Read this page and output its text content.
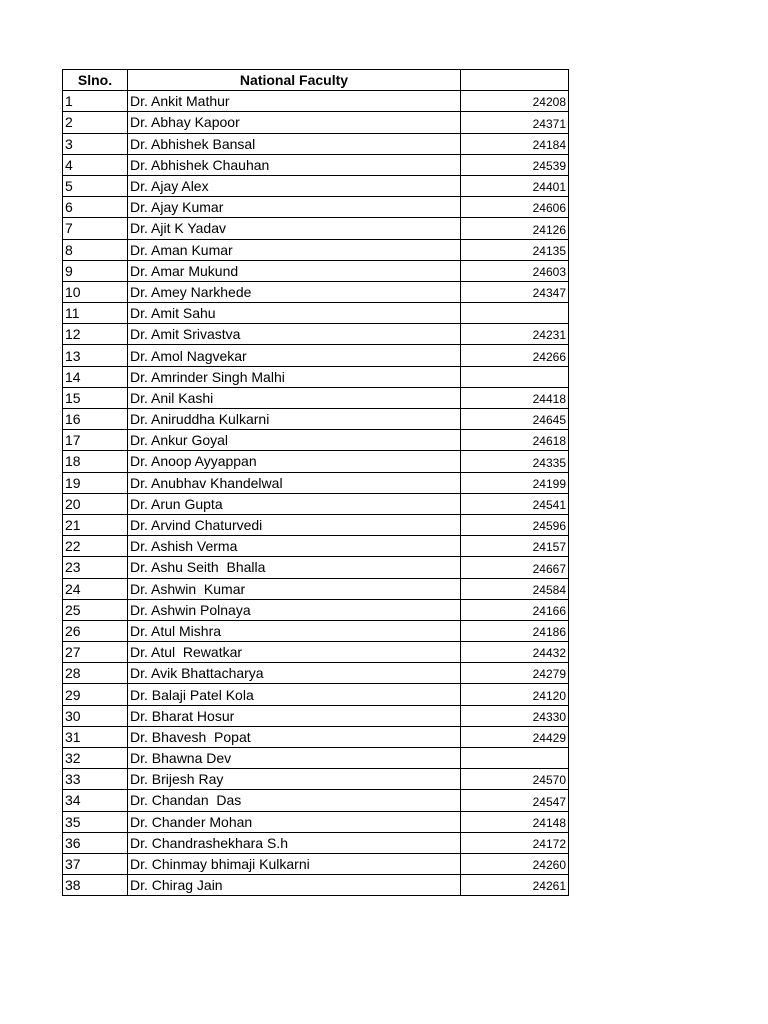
Slno.	National Faculty	
1	Dr. Ankit Mathur	24208
2	Dr. Abhay Kapoor	24371
3	Dr. Abhishek Bansal	24184
4	Dr. Abhishek Chauhan	24539
5	Dr. Ajay Alex	24401
6	Dr. Ajay Kumar	24606
7	Dr. Ajit K Yadav	24126
8	Dr. Aman Kumar	24135
9	Dr. Amar Mukund	24603
10	Dr. Amey Narkhede	24347
11	Dr. Amit Sahu	
12	Dr. Amit Srivastva	24231
13	Dr. Amol Nagvekar	24266
14	Dr. Amrinder Singh Malhi	
15	Dr. Anil Kashi	24418
16	Dr. Aniruddha Kulkarni	24645
17	Dr. Ankur Goyal	24618
18	Dr. Anoop Ayyappan	24335
19	Dr. Anubhav Khandelwal	24199
20	Dr. Arun Gupta	24541
21	Dr. Arvind Chaturvedi	24596
22	Dr. Ashish Verma	24157
23	Dr. Ashu Seith  Bhalla	24667
24	Dr. Ashwin  Kumar	24584
25	Dr. Ashwin Polnaya	24166
26	Dr. Atul Mishra	24186
27	Dr. Atul  Rewatkar	24432
28	Dr. Avik Bhattacharya	24279
29	Dr. Balaji Patel Kola	24120
30	Dr. Bharat Hosur	24330
31	Dr. Bhavesh  Popat	24429
32	Dr. Bhawna Dev	
33	Dr. Brijesh Ray	24570
34	Dr. Chandan  Das	24547
35	Dr. Chander Mohan	24148
36	Dr. Chandrashekhara S.h	24172
37	Dr. Chinmay bhimaji Kulkarni	24260
38	Dr. Chirag Jain	24261
